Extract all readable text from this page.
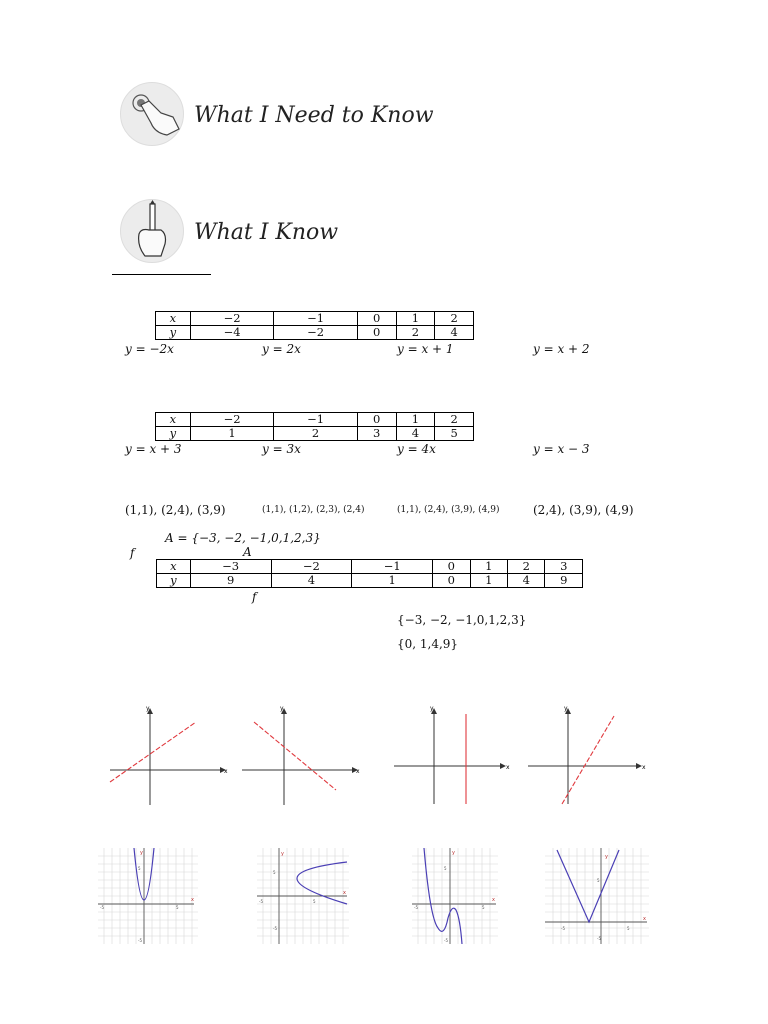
What I Need to Know
What I Know
x	−2	−1	0	1	2
y	−4	−2	0	2	4
y = −2x	y = 2x	y = x + 1	y = x + 2
x	−2	−1	0	1	2
y	1	2	3	4	5
y = x + 3	y = 3x	y = 4x	y = x − 3
(1,1), (2,4), (3,9)	(1,1), (1,2), (2,3), (2,4)	(1,1), (2,4), (3,9), (4,9)	(2,4), (3,9), (4,9)
A = {−3, −2, −1,0,1,2,3}
f	A
x	−3	−2	−1	0	1	2	3
y	9	4	1	0	1	4	9
f
{−3, −2, −1,0,1,2,3}
{0, 1,4,9}
x
y
x
y
x
y
x
y
y
x
5
-5
-5
5
y
x
5
-5
-5
5
y
x
5
-5
-5
5
y
x
5
-5
-5
5
